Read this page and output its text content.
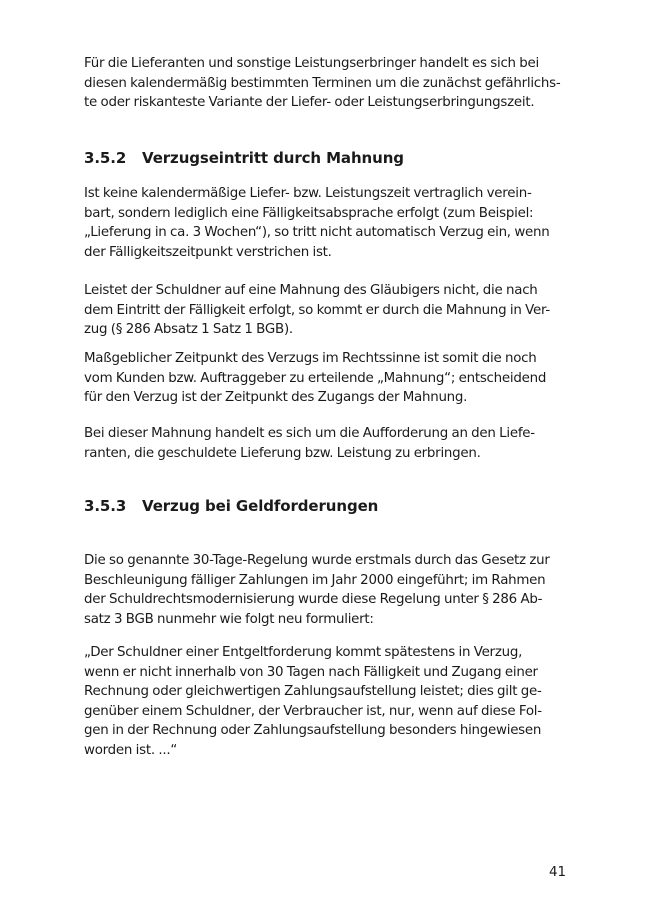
Für die Lieferanten und sonstige Leistungserbringer handelt es sich bei
diesen kalendermäßig bestimmten Terminen um die zunächst gefährlichs-
te oder riskanteste Variante der Liefer- oder Leistungserbringungszeit.

3.5.2 Verzugseintritt durch Mahnung

Ist keine kalendermäßige Liefer- bzw. Leistungszeit vertraglich verein-
bart, sondern lediglich eine Fälligkeitsabsprache erfolgt (zum Beispiel:
„Lieferung in ca. 3 Wochen“), so tritt nicht automatisch Verzug ein, wenn
der Fälligkeitszeitpunkt verstrichen ist.

Leistet der Schuldner auf eine Mahnung des Gläubigers nicht, die nach
dem Eintritt der Fälligkeit erfolgt, so kommt er durch die Mahnung in Ver-
zug (§ 286 Absatz 1 Satz 1 BGB).

Maßgeblicher Zeitpunkt des Verzugs im Rechtssinne ist somit die noch
vom Kunden bzw. Auftraggeber zu erteilende „Mahnung“; entscheidend
für den Verzug ist der Zeitpunkt des Zugangs der Mahnung.

Bei dieser Mahnung handelt es sich um die Aufforderung an den Liefe-
ranten, die geschuldete Lieferung bzw. Leistung zu erbringen.

3.5.3 Verzug bei Geldforderungen

Die so genannte 30-Tage-Regelung wurde erstmals durch das Gesetz zur
Beschleunigung fälliger Zahlungen im Jahr 2000 eingeführt; im Rahmen
der Schuldrechtsmodernisierung wurde diese Regelung unter § 286 Ab-
satz 3 BGB nunmehr wie folgt neu formuliert:

„Der Schuldner einer Entgeltforderung kommt spätestens in Verzug,
wenn er nicht innerhalb von 30 Tagen nach Fälligkeit und Zugang einer
Rechnung oder gleichwertigen Zahlungsaufstellung leistet; dies gilt ge-
genüber einem Schuldner, der Verbraucher ist, nur, wenn auf diese Fol-
gen in der Rechnung oder Zahlungsaufstellung besonders hingewiesen
worden ist. ...“

41
